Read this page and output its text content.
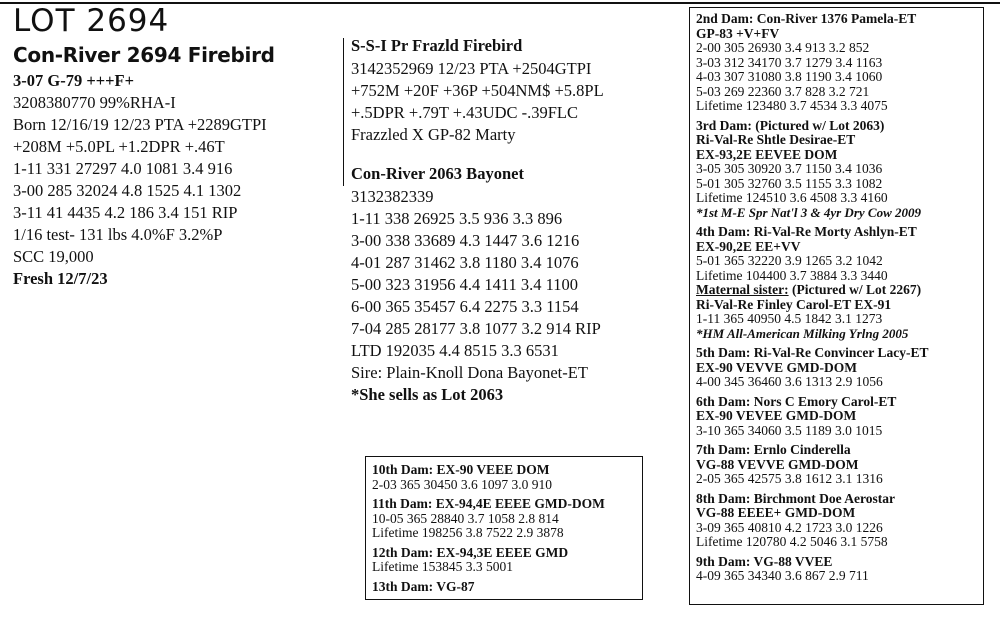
LOT 2694
Con-River 2694 Firebird
3-07 G-79 +++F+
3208380770 99%RHA-I
Born 12/16/19 12/23 PTA +2289GTPI
+208M +5.0PL +1.2DPR +.46T
1-11 331 27297 4.0 1081 3.4 916
3-00 285 32024 4.8 1525 4.1 1302
3-11 41 4435 4.2 186 3.4 151 RIP
1/16 test- 131 lbs 4.0%F 3.2%P
SCC 19,000
Fresh 12/7/23
S-S-I Pr Frazld Firebird
3142352969 12/23 PTA +2504GTPI
+752M +20F +36P +504NM$ +5.8PL
+.5DPR +.79T +.43UDC -.39FLC
Frazzled X GP-82 Marty
Con-River 2063 Bayonet
3132382339
1-11 338 26925 3.5 936 3.3 896
3-00 338 33689 4.3 1447 3.6 1216
4-01 287 31462 3.8 1180 3.4 1076
5-00 323 31956 4.4 1411 3.4 1100
6-00 365 35457 6.4 2275 3.3 1154
7-04 285 28177 3.8 1077 3.2 914 RIP
LTD 192035 4.4 8515 3.3 6531
Sire: Plain-Knoll Dona Bayonet-ET
*She sells as Lot 2063
10th Dam: EX-90 VEEE DOM
2-03 365 30450 3.6 1097 3.0 910
11th Dam: EX-94,4E EEEE GMD-DOM
10-05 365 28840 3.7 1058 2.8 814
Lifetime 198256 3.8 7522 2.9 3878
12th Dam: EX-94,3E EEEE GMD
Lifetime 153845 3.3 5001
13th Dam: VG-87
2nd Dam: Con-River 1376 Pamela-ET
GP-83 +V+FV
2-00 305 26930 3.4 913 3.2 852
3-03 312 34170 3.7 1279 3.4 1163
4-03 307 31080 3.8 1190 3.4 1060
5-03 269 22360 3.7 828 3.2 721
Lifetime 123480 3.7 4534 3.3 4075
3rd Dam: (Pictured w/ Lot 2063)
Ri-Val-Re Shtle Desirae-ET
EX-93,2E EEVEE DOM
3-05 305 30920 3.7 1150 3.4 1036
5-01 305 32760 3.5 1155 3.3 1082
Lifetime 124510 3.6 4508 3.3 4160
*1st M-E Spr Nat'l 3 & 4yr Dry Cow 2009
4th Dam: Ri-Val-Re Morty Ashlyn-ET
EX-90,2E EE+VV
5-01 365 32220 3.9 1265 3.2 1042
Lifetime 104400 3.7 3884 3.3 3440
Maternal sister: (Pictured w/ Lot 2267)
Ri-Val-Re Finley Carol-ET EX-91
1-11 365 40950 4.5 1842 3.1 1273
*HM All-American Milking Yrlng 2005
5th Dam: Ri-Val-Re Convincer Lacy-ET
EX-90 VEVVE GMD-DOM
4-00 345 36460 3.6 1313 2.9 1056
6th Dam: Nors C Emory Carol-ET
EX-90 VEVEE GMD-DOM
3-10 365 34060 3.5 1189 3.0 1015
7th Dam: Ernlo Cinderella
VG-88 VEVVE GMD-DOM
2-05 365 42575 3.8 1612 3.1 1316
8th Dam: Birchmont Doe Aerostar
VG-88 EEEE+ GMD-DOM
3-09 365 40810 4.2 1723 3.0 1226
Lifetime 120780 4.2 5046 3.1 5758
9th Dam: VG-88 VVEE
4-09 365 34340 3.6 867 2.9 711
